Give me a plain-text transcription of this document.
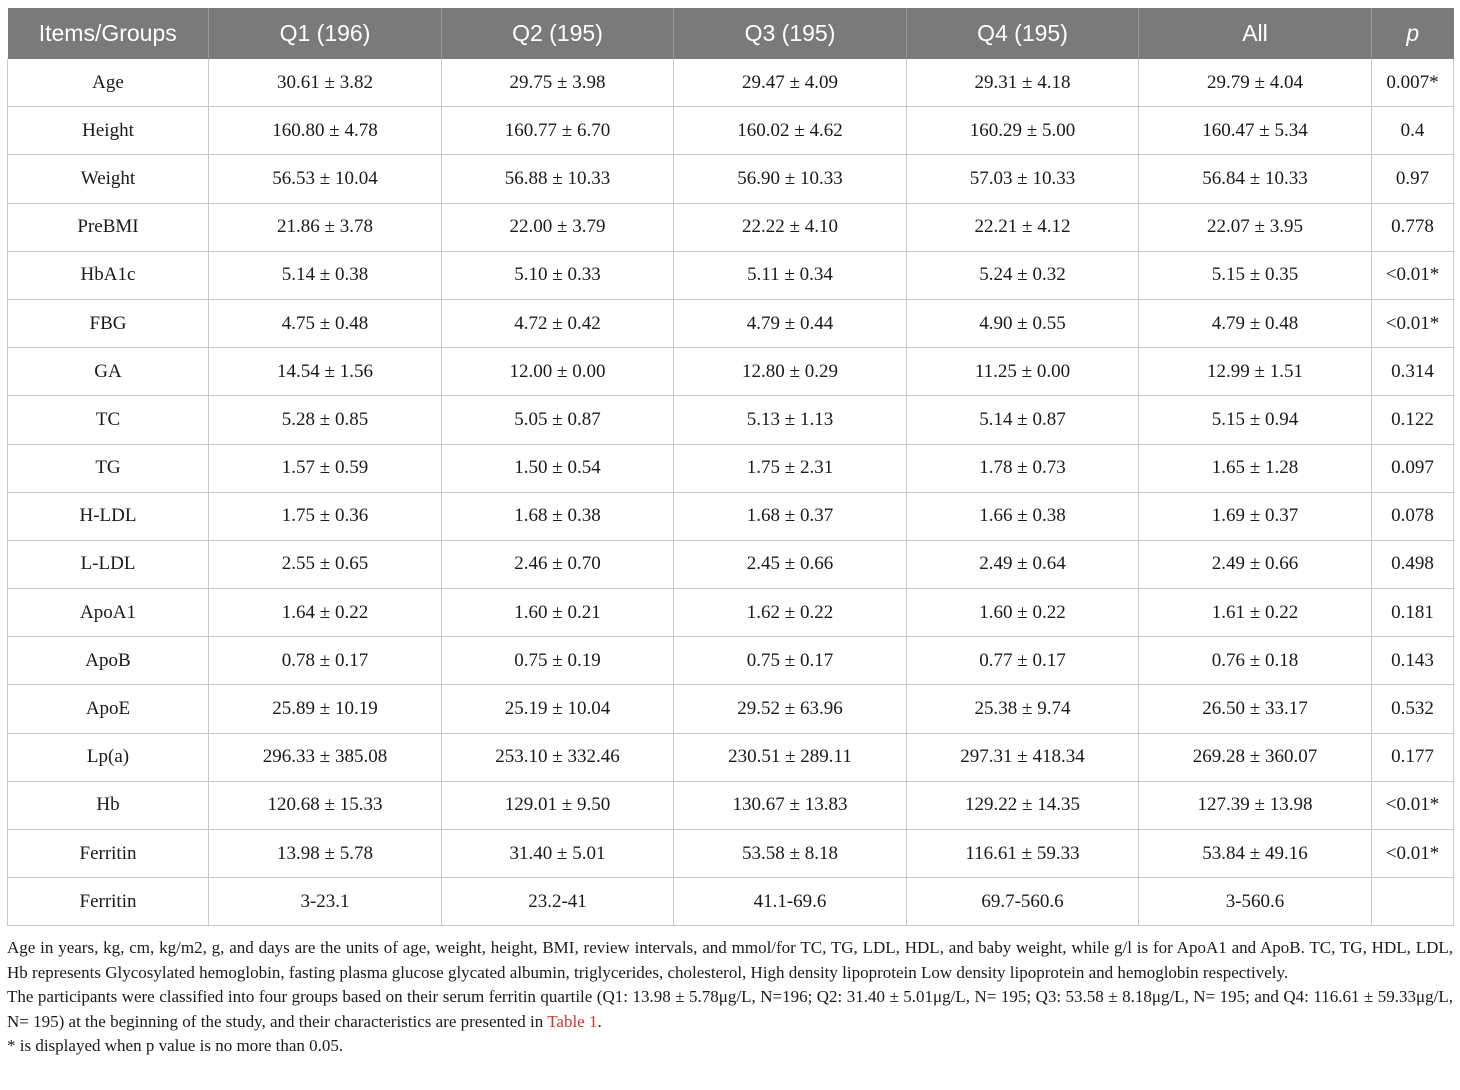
Items/Groups	Q1 (196)	Q2 (195)	Q3 (195)	Q4 (195)	All	p
Age	30.61 ± 3.82	29.75 ± 3.98	29.47 ± 4.09	29.31 ± 4.18	29.79 ± 4.04	0.007*
Height	160.80 ± 4.78	160.77 ± 6.70	160.02 ± 4.62	160.29 ± 5.00	160.47 ± 5.34	0.4
Weight	56.53 ± 10.04	56.88 ± 10.33	56.90 ± 10.33	57.03 ± 10.33	56.84 ± 10.33	0.97
PreBMI	21.86 ± 3.78	22.00 ± 3.79	22.22 ± 4.10	22.21 ± 4.12	22.07 ± 3.95	0.778
HbA1c	5.14 ± 0.38	5.10 ± 0.33	5.11 ± 0.34	5.24 ± 0.32	5.15 ± 0.35	<0.01*
FBG	4.75 ± 0.48	4.72 ± 0.42	4.79 ± 0.44	4.90 ± 0.55	4.79 ± 0.48	<0.01*
GA	14.54 ± 1.56	12.00 ± 0.00	12.80 ± 0.29	11.25 ± 0.00	12.99 ± 1.51	0.314
TC	5.28 ± 0.85	5.05 ± 0.87	5.13 ± 1.13	5.14 ± 0.87	5.15 ± 0.94	0.122
TG	1.57 ± 0.59	1.50 ± 0.54	1.75 ± 2.31	1.78 ± 0.73	1.65 ± 1.28	0.097
H-LDL	1.75 ± 0.36	1.68 ± 0.38	1.68 ± 0.37	1.66 ± 0.38	1.69 ± 0.37	0.078
L-LDL	2.55 ± 0.65	2.46 ± 0.70	2.45 ± 0.66	2.49 ± 0.64	2.49 ± 0.66	0.498
ApoA1	1.64 ± 0.22	1.60 ± 0.21	1.62 ± 0.22	1.60 ± 0.22	1.61 ± 0.22	0.181
ApoB	0.78 ± 0.17	0.75 ± 0.19	0.75 ± 0.17	0.77 ± 0.17	0.76 ± 0.18	0.143
ApoE	25.89 ± 10.19	25.19 ± 10.04	29.52 ± 63.96	25.38 ± 9.74	26.50 ± 33.17	0.532
Lp(a)	296.33 ± 385.08	253.10 ± 332.46	230.51 ± 289.11	297.31 ± 418.34	269.28 ± 360.07	0.177
Hb	120.68 ± 15.33	129.01 ± 9.50	130.67 ± 13.83	129.22 ± 14.35	127.39 ± 13.98	<0.01*
Ferritin	13.98 ± 5.78	31.40 ± 5.01	53.58 ± 8.18	116.61 ± 59.33	53.84 ± 49.16	<0.01*
Ferritin	3-23.1	23.2-41	41.1-69.6	69.7-560.6	3-560.6	

Age in years, kg, cm, kg/m2, g, and days are the units of age, weight, height, BMI, review intervals, and mmol/for TC, TG, LDL, HDL, and baby weight, while g/l is for ApoA1 and ApoB. TC, TG, HDL, LDL, Hb represents Glycosylated hemoglobin, fasting plasma glucose glycated albumin, triglycerides, cholesterol, High density lipoprotein Low density lipoprotein and hemoglobin respectively.

The participants were classified into four groups based on their serum ferritin quartile (Q1: 13.98 ± 5.78μg/L, N=196; Q2: 31.40 ± 5.01μg/L, N= 195; Q3: 53.58 ± 8.18μg/L, N= 195; and Q4: 116.61 ± 59.33μg/L, N= 195) at the beginning of the study, and their characteristics are presented in Table 1.

* is displayed when p value is no more than 0.05.
